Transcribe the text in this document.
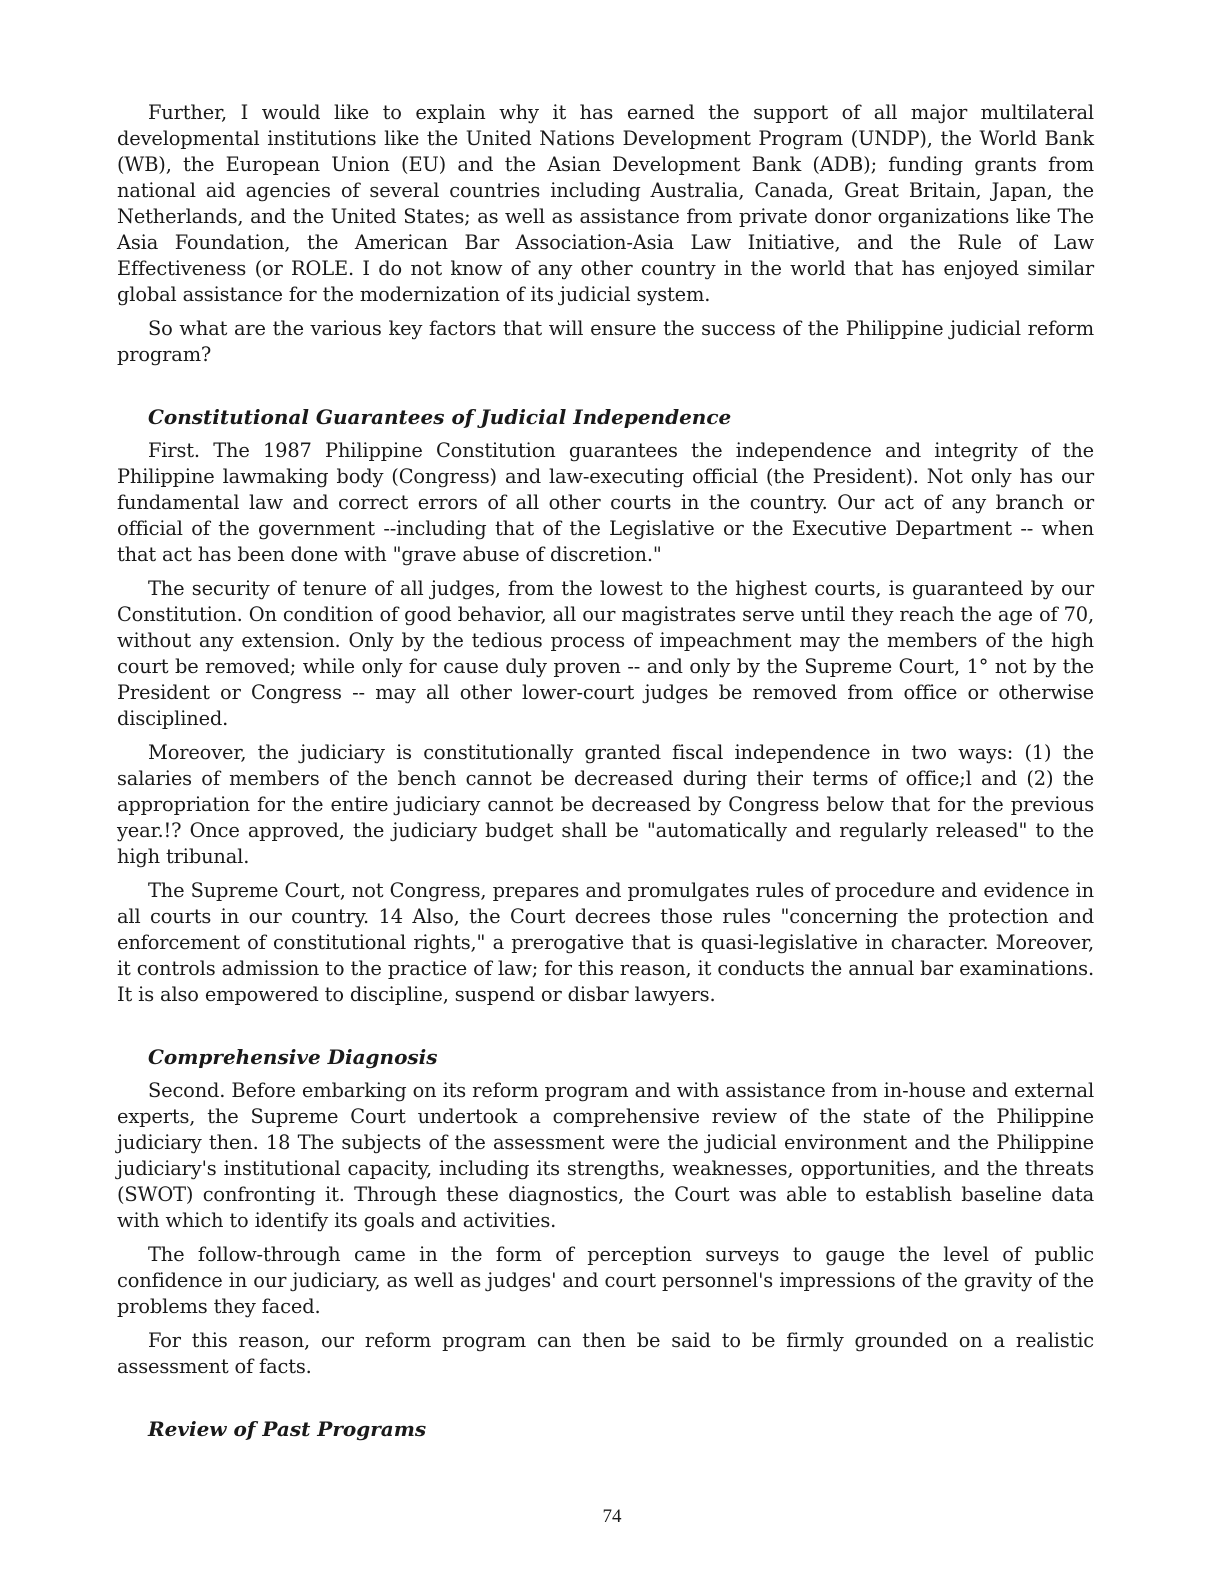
Further, I would like to explain why it has earned the support of all major multilateral developmental institutions like the United Nations Development Program (UNDP), the World Bank (WB), the European Union (EU) and the Asian Development Bank (ADB); funding grants from national aid agencies of several countries including Australia, Canada, Great Britain, Japan, the Netherlands, and the United States; as well as assistance from private donor organizations like The Asia Foundation, the American Bar Association-Asia Law Initiative, and the Rule of Law Effectiveness (or ROLE. I do not know of any other country in the world that has enjoyed similar global assistance for the modernization of its judicial system.

So what are the various key factors that will ensure the success of the Philippine judicial reform program?

Constitutional Guarantees of Judicial Independence

First. The 1987 Philippine Constitution guarantees the independence and integrity of the Philippine lawmaking body (Congress) and law-executing official (the President). Not only has our fundamental law and correct errors of all other courts in the country. Our act of any branch or official of the government --including that of the Legislative or the Executive Department -- when that act has been done with "grave abuse of discretion."

The security of tenure of all judges, from the lowest to the highest courts, is guaranteed by our Constitution. On condition of good behavior, all our magistrates serve until they reach the age of 70, without any extension. Only by the tedious process of impeachment may the members of the high court be removed; while only for cause duly proven -- and only by the Supreme Court, 1° not by the President or Congress -- may all other lower-court judges be removed from office or otherwise disciplined.

Moreover, the judiciary is constitutionally granted fiscal independence in two ways: (1) the salaries of members of the bench cannot be decreased during their terms of office;l and (2) the appropriation for the entire judiciary cannot be decreased by Congress below that for the previous year.!? Once approved, the judiciary budget shall be "automatically and regularly released" to the high tribunal.

The Supreme Court, not Congress, prepares and promulgates rules of procedure and evidence in all courts in our country. 14 Also, the Court decrees those rules "concerning the protection and enforcement of constitutional rights," a prerogative that is quasi-legislative in character. Moreover, it controls admission to the practice of law; for this reason, it conducts the annual bar examinations. It is also empowered to discipline, suspend or disbar lawyers.

Comprehensive Diagnosis

Second. Before embarking on its reform program and with assistance from in-house and external experts, the Supreme Court undertook a comprehensive review of the state of the Philippine judiciary then. 18 The subjects of the assessment were the judicial environment and the Philippine judiciary's institutional capacity, including its strengths, weaknesses, opportunities, and the threats (SWOT) confronting it. Through these diagnostics, the Court was able to establish baseline data with which to identify its goals and activities.

The follow-through came in the form of perception surveys to gauge the level of public confidence in our judiciary, as well as judges' and court personnel's impressions of the gravity of the problems they faced.

For this reason, our reform program can then be said to be firmly grounded on a realistic assessment of facts.

Review of Past Programs
74
